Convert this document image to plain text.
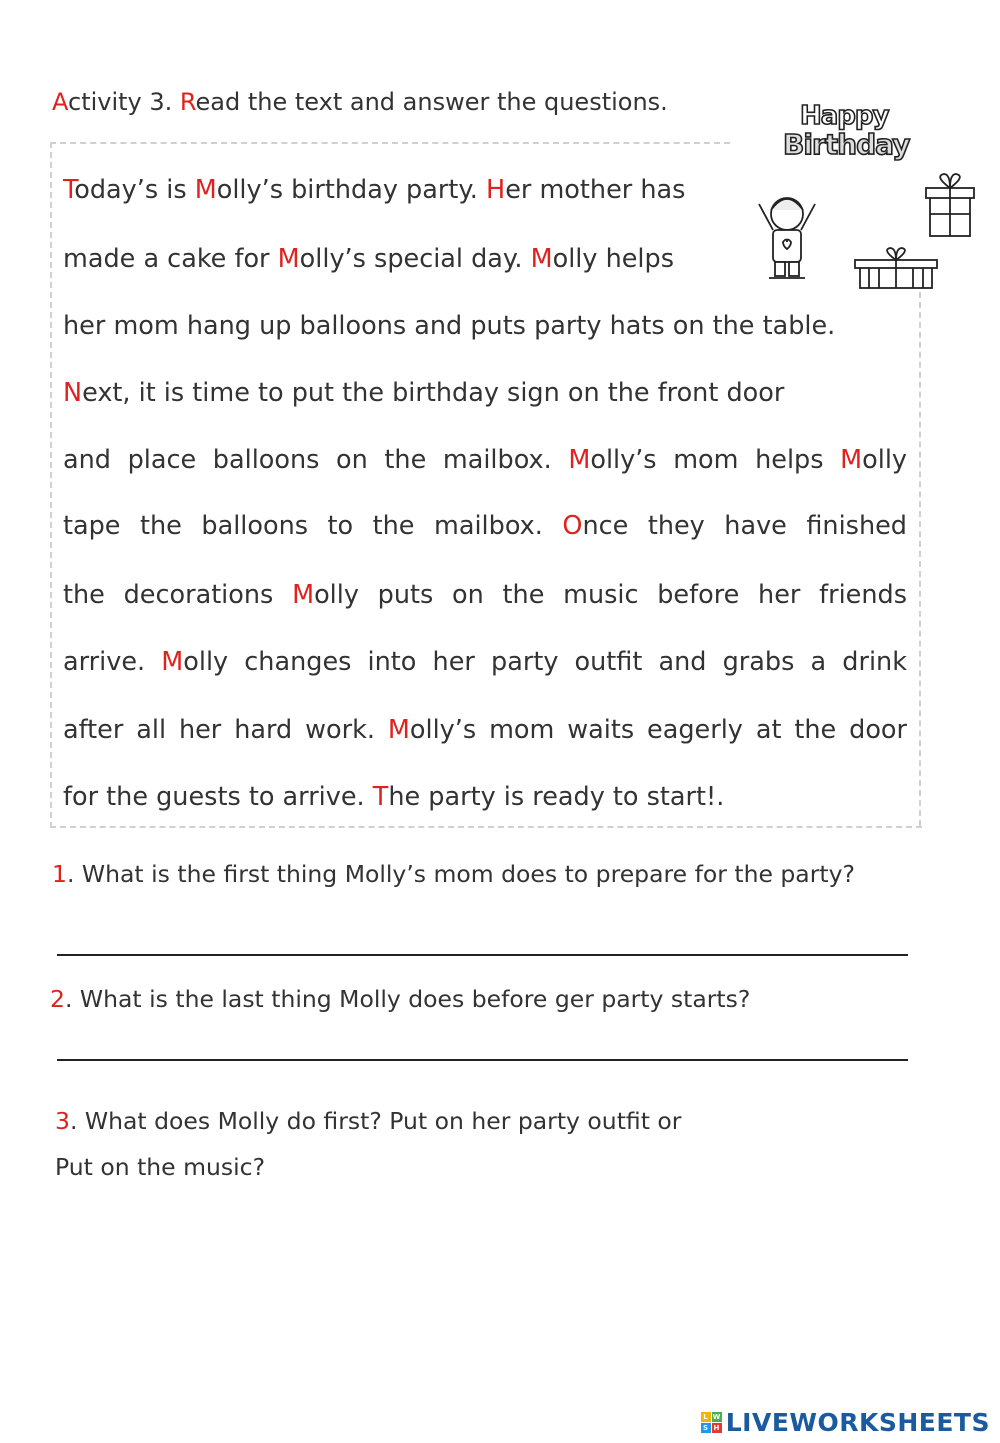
Activity 3. Read the text and answer the questions.	Happy
Birthday
Today’s is Molly’s birthday party. Her mother has
made a cake for Molly’s special day. Molly helps
her mom hang up balloons and puts party hats on the table.
Next, it is time to put the birthday sign on the front door
and place balloons on the mailbox. Molly’s mom helps Molly
tape the balloons to the mailbox. Once they have finished
the decorations Molly puts on the music before her friends
arrive. Molly changes into her party outfit and grabs a drink
after all her hard work. Molly’s mom waits eagerly at the door
for the guests to arrive. The party is ready to start!.
1. What is the first thing Molly’s mom does to prepare for the party?
2. What is the last thing Molly does before ger party starts?
3. What does Molly do first? Put on her party outfit or
Put on the music?
L W
S H LIVEWORKSHEETS
